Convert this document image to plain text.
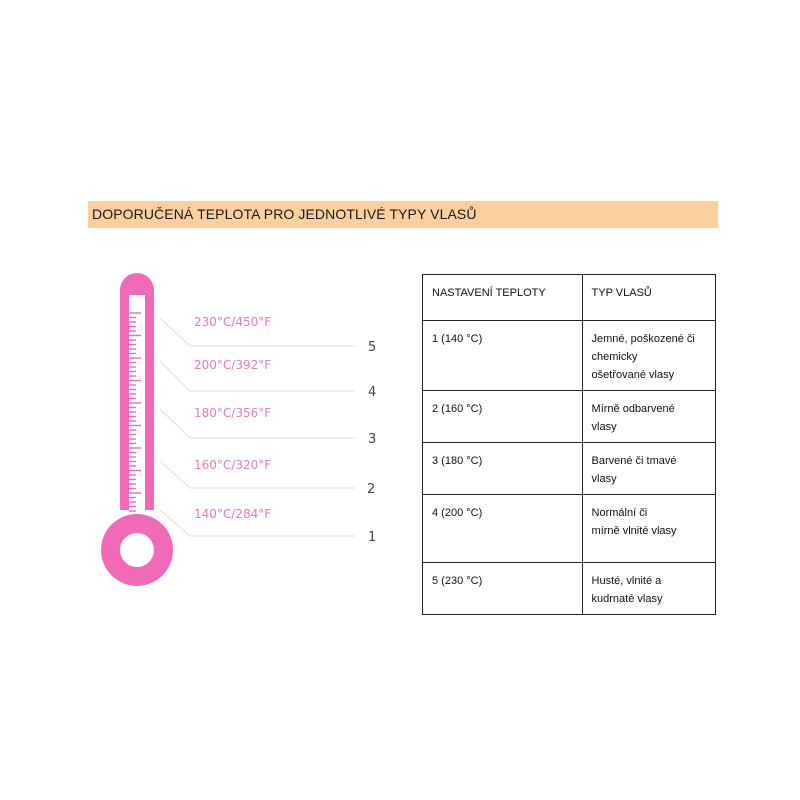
DOPORUČENÁ TEPLOTA PRO JEDNOTLIVÉ TYPY VLASŮ
230°C/450°F
200°C/392°F
180°C/356°F
160°C/320°F
140°C/284°F
5
4
3
2
1
NASTAVENÍ TEPLOTY	TYP VLASŮ
1 (140 °C)	Jemné, poškozené či
chemicky
ošetřované vlasy
2 (160 °C)	Mírně odbarvené
vlasy
3 (180 °C)	Barvené či tmavé
vlasy
4 (200 °C)	Normální či
mírně vlnité vlasy
5 (230 °C)	Husté, vlnité a
kudrnaté vlasy
